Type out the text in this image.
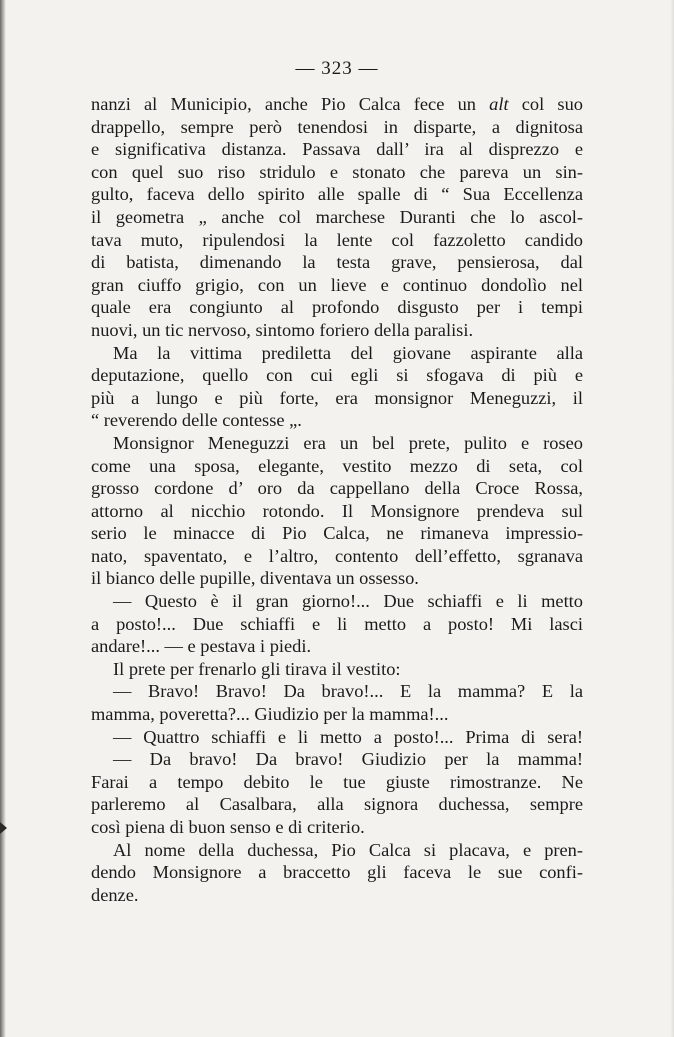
— 323 —
nanzi al Municipio, anche Pio Calca fece un alt col suo
drappello, sempre però tenendosi in disparte, a dignitosa
e significativa distanza. Passava dall’ ira al disprezzo e
con quel suo riso stridulo e stonato che pareva un sin-
gulto, faceva dello spirito alle spalle di “ Sua Eccellenza
il geometra „ anche col marchese Duranti che lo ascol-
tava muto, ripulendosi la lente col fazzoletto candido
di batista, dimenando la testa grave, pensierosa, dal
gran ciuffo grigio, con un lieve e continuo dondolìo nel
quale era congiunto al profondo disgusto per i tempi
nuovi, un tic nervoso, sintomo foriero della paralisi.
Ma la vittima prediletta del giovane aspirante alla
deputazione, quello con cui egli si sfogava di più e
più a lungo e più forte, era monsignor Meneguzzi, il
“ reverendo delle contesse „.
Monsignor Meneguzzi era un bel prete, pulito e roseo
come una sposa, elegante, vestito mezzo di seta, col
grosso cordone d’ oro da cappellano della Croce Rossa,
attorno al nicchio rotondo. Il Monsignore prendeva sul
serio le minacce di Pio Calca, ne rimaneva impressio-
nato, spaventato, e l’altro, contento dell’effetto, sgranava
il bianco delle pupille, diventava un ossesso.
— Questo è il gran giorno!... Due schiaffi e li metto
a posto!... Due schiaffi e li metto a posto! Mi lasci
andare!... — e pestava i piedi.
Il prete per frenarlo gli tirava il vestito:
— Bravo! Bravo! Da bravo!... E la mamma? E la
mamma, poveretta?... Giudizio per la mamma!...
— Quattro schiaffi e li metto a posto!... Prima di sera!
— Da bravo! Da bravo! Giudizio per la mamma!
Farai a tempo debito le tue giuste rimostranze. Ne
parleremo al Casalbara, alla signora duchessa, sempre
così piena di buon senso e di criterio.
Al nome della duchessa, Pio Calca si placava, e pren-
dendo Monsignore a braccetto gli faceva le sue confi-
denze.
